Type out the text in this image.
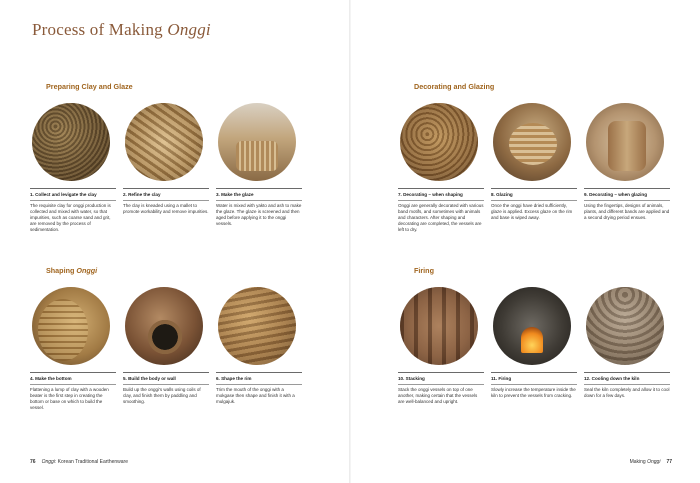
Process of Making Onggi
Preparing Clay and Glaze
1. Collect and levigate the clay
The requisite clay for onggi production is collected and mixed with water, so that impurities, such as coarse sand and grit, are removed by the process of sedimentation.
2. Refine the clay
The clay is kneaded using a mallet to promote workability and remove impurities.
3. Make the glaze
Water is mixed with yakto and ash to make the glaze. The glaze is screened and then aged before applying it to the onggi vessels.
Shaping Onggi
4. Make the bottom
Flattening a lump of clay with a wooden beater is the first step in creating the bottom or base on which to build the vessel.
5. Build the body or wall
Build up the onggi's walls using coils of clay, and finish them by paddling and smoothing.
6. Shape the rim
Trim the mouth of the onggi with a mokgase then shape and finish it with a mulgajuk.
76 Onggi: Korean Traditional Earthenware
Decorating and Glazing
7. Decorating – when shaping
Onggi are generally decorated with various band motifs, and sometimes with animals and characters. After shaping and decorating are completed, the vessels are left to dry.
8. Glazing
Once the onggi have dried sufficiently, glaze is applied. Excess glaze on the rim and base is wiped away.
9. Decorating – when glazing
Using the fingertips, designs of animals, plants, and different bands are applied and a second drying period ensues.
Firing
10. Stacking
Stack the onggi vessels on top of one another, making certain that the vessels are well-balanced and upright.
11. Firing
Slowly increase the temperature inside the kiln to prevent the vessels from cracking.
12. Cooling down the kiln
Seal the kiln completely and allow it to cool down for a few days.
Making Onggi 77
